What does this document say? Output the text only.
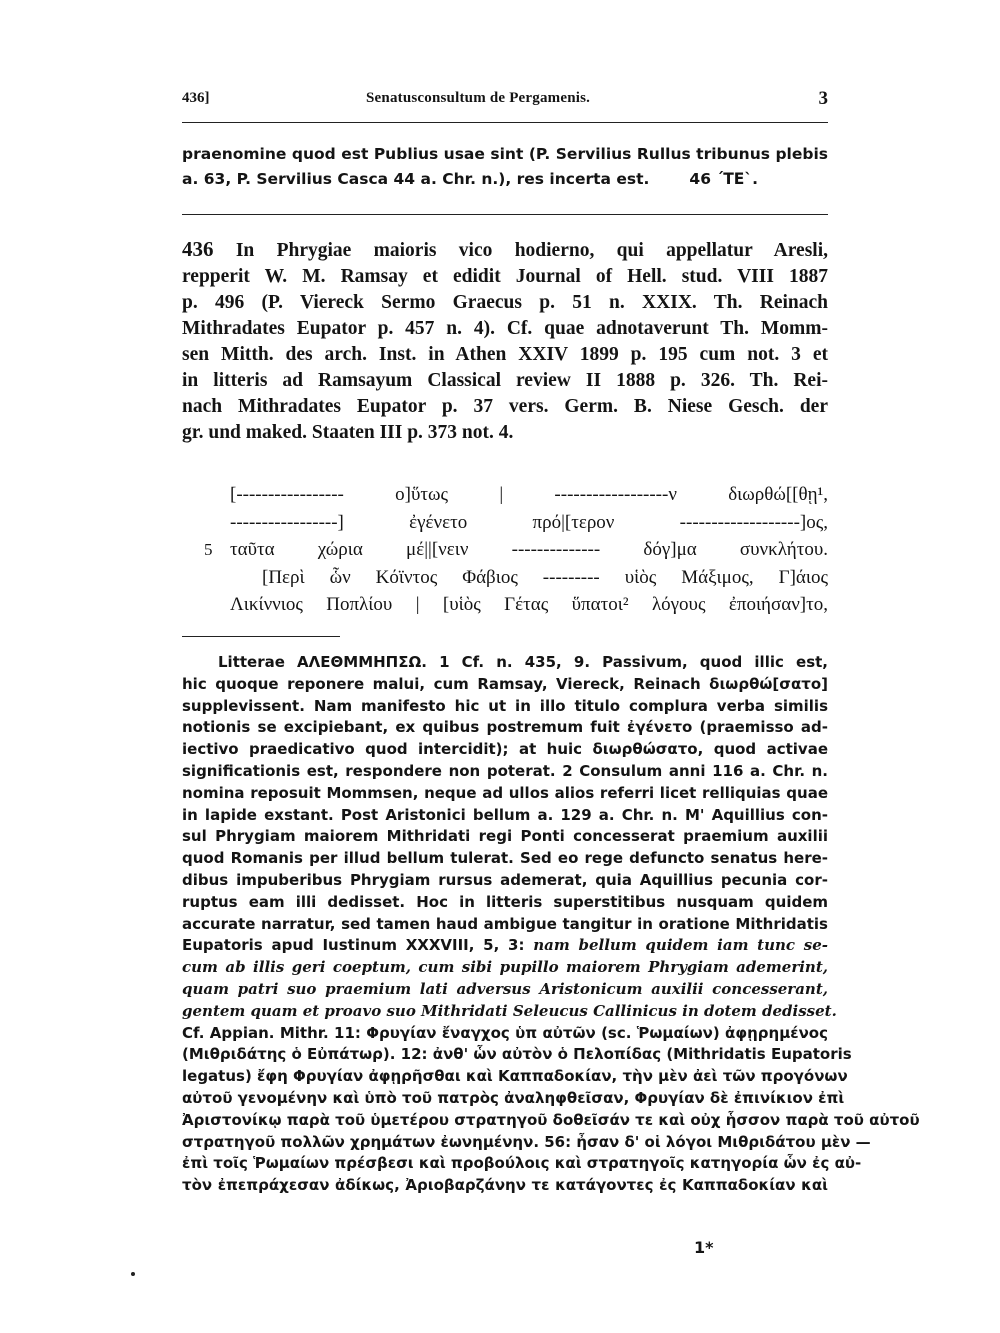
436]	Senatusconsultum de Pergamenis.	3
praenomine quod est Publius usae sint (P. Servilius Rullus tribunus plebis
a. 63, P. Servilius Casca 44 a. Chr. n.), res incerta est.	46 ΄ΤΕ`.
436 In Phrygiae maioris vico hodierno, qui appellatur Aresli,
repperit W. M. Ramsay et edidit Journal of Hell. stud. VIII 1887
p. 496 (P. Viereck Sermo Graecus p. 51 n. XXIX. Th. Reinach
Mithradates Eupator p. 457 n. 4). Cf. quae adnotaverunt Th. Momm-
sen Mitth. des arch. Inst. in Athen XXIV 1899 p. 195 cum not. 3 et
in litteris ad Ramsayum Classical review II 1888 p. 326. Th. Rei-
nach Mithradates Eupator p. 37 vers. Germ. B. Niese Gesch. der
gr. und maked. Staaten III p. 373 not. 4.
[----------------- ο]ὕτως | ------------------ν διωρθώ[[θῃ¹,
-----------------] ἐγένετο πρό|[τερον -------------------]ος,
5 ταῦτα χώρια μέ||[νειν -------------- δόγ]μα συνκλήτου.
[Περὶ ὧν Κόϊντος Φάβιος --------- υἱὸς Μάξιμος, Γ]άιος
Λικίννιος Ποπλίου | [υἱὸς Γέτας ὕπατοι² λόγους ἐποιήσαν]το,
Litterae ΑΛΕΘΜΜΗΠΣΩ. 1 Cf. n. 435, 9. Passivum, quod illic est,
hic quoque reponere malui, cum Ramsay, Viereck, Reinach διωρθώ[σατο]
supplevissent. Nam manifesto hic ut in illo titulo complura verba similis
notionis se excipiebant, ex quibus postremum fuit ἐγένετο (praemisso ad-
iectivo praedicativo quod intercidit); at huic διωρθώσατο, quod activae
significationis est, respondere non poterat. 2 Consulum anni 116 a. Chr. n.
nomina reposuit Mommsen, neque ad ullos alios referri licet relliquias quae
in lapide exstant. Post Aristonici bellum a. 129 a. Chr. n. M' Aquillius con-
sul Phrygiam maiorem Mithridati regi Ponti concesserat praemium auxilii
quod Romanis per illud bellum tulerat. Sed eo rege defuncto senatus here-
dibus impuberibus Phrygiam rursus ademerat, quia Aquillius pecunia cor-
ruptus eam illi dedisset. Hoc in litteris superstitibus nusquam quidem
accurate narratur, sed tamen haud ambigue tangitur in oratione Mithridatis
Eupatoris apud Iustinum XXXVIII, 5, 3: nam bellum quidem iam tunc se-
cum ab illis geri coeptum, cum sibi pupillo maiorem Phrygiam ademerint,
quam patri suo praemium lati adversus Aristonicum auxilii concesserant,
gentem quam et proavo suo Mithridati Seleucus Callinicus in dotem dedisset.
Cf. Appian. Mithr. 11: Φρυγίαν ἔναγχος ὑπ αὐτῶν (sc. Ῥωμαίων) ἀφῃρημένος
(Μιθριδάτης ὁ Εὐπάτωρ). 12: ἀνθ' ὧν αὐτὸν ὁ Πελοπίδας (Mithridatis Eupatoris
legatus) ἔφη Φρυγίαν ἀφῃρῆσθαι καὶ Καππαδοκίαν, τὴν μὲν ἀεὶ τῶν προγόνων
αὐτοῦ γενομένην καὶ ὑπὸ τοῦ πατρὸς ἀναληφθεῖσαν, Φρυγίαν δὲ ἐπινίκιον ἐπὶ
Ἀριστονίκῳ παρὰ τοῦ ὑμετέρου στρατηγοῦ δοθεῖσάν τε καὶ οὐχ ἧσσον παρὰ τοῦ αὐτοῦ
στρατηγοῦ πολλῶν χρημάτων ἐωνημένην. 56: ἦσαν δ' οἱ λόγοι Μιθριδάτου μὲν —
ἐπὶ τοῖς Ῥωμαίων πρέσβεσι καὶ προβούλοις καὶ στρατηγοῖς κατηγορία ὧν ἐς αὐ-
τὸν ἐπεπράχεσαν ἀδίκως, Ἀριοβαρζάνην τε κατάγοντες ἐς Καππαδοκίαν καὶ
1*
